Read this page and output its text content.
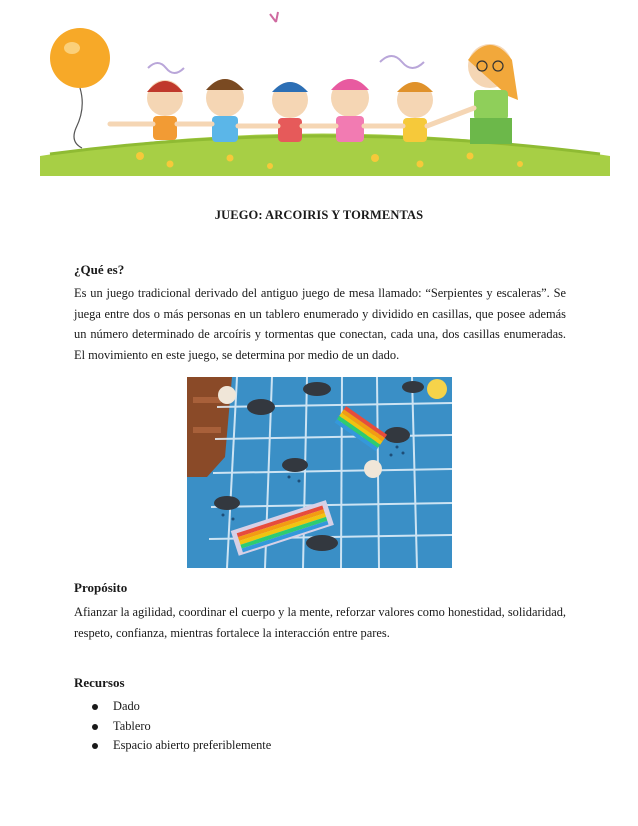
JUEGO: ARCOIRIS Y TORMENTAS
¿Qué es?
Es un juego tradicional derivado del antiguo juego de mesa llamado: “Serpientes y escaleras”. Se juega entre dos o más personas en un tablero enumerado y dividido en casillas, que posee además un número determinado de arcoíris y tormentas que conectan, cada una, dos casillas enumeradas. El movimiento en este juego, se determina por medio de un dado.
Propósito
Afianzar la agilidad, coordinar el cuerpo y la mente, reforzar valores como honestidad, solidaridad, respeto, confianza, mientras fortalece la interacción entre pares.
Recursos
Dado
Tablero
Espacio abierto preferiblemente
